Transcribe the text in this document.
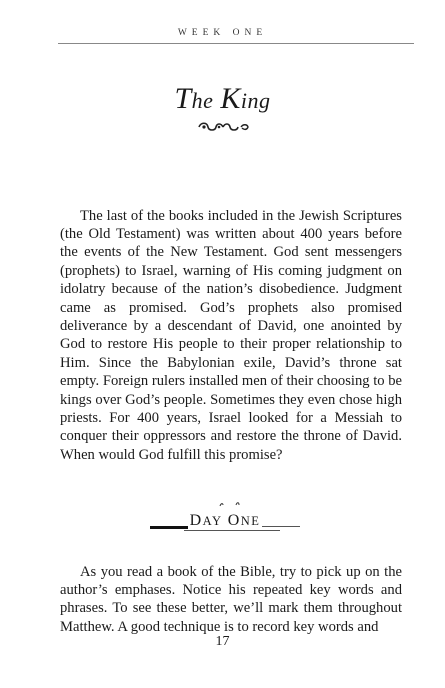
WEEK ONE
The King

The last of the books included in the Jewish Scriptures (the Old Testament) was written about 400 years before the events of the New Testament. God sent messengers (prophets) to Israel, warning of His coming judgment on idolatry because of the nation’s disobedience. Judgment came as promised. God’s prophets also promised deliverance by a descendant of David, one anointed by God to restore His people to their proper relationship to Him. Since the Babylonian exile, David’s throne sat empty. Foreign rulers installed men of their choosing to be kings over God’s people. Sometimes they even chose high priests. For 400 years, Israel looked for a Messiah to conquer their oppressors and restore the throne of David. When would God fulfill this promise?

DAY ONE

As you read a book of the Bible, try to pick up on the author’s emphases. Notice his repeated key words and phrases. To see these better, we’ll mark them throughout Matthew. A good technique is to record key words and

17
